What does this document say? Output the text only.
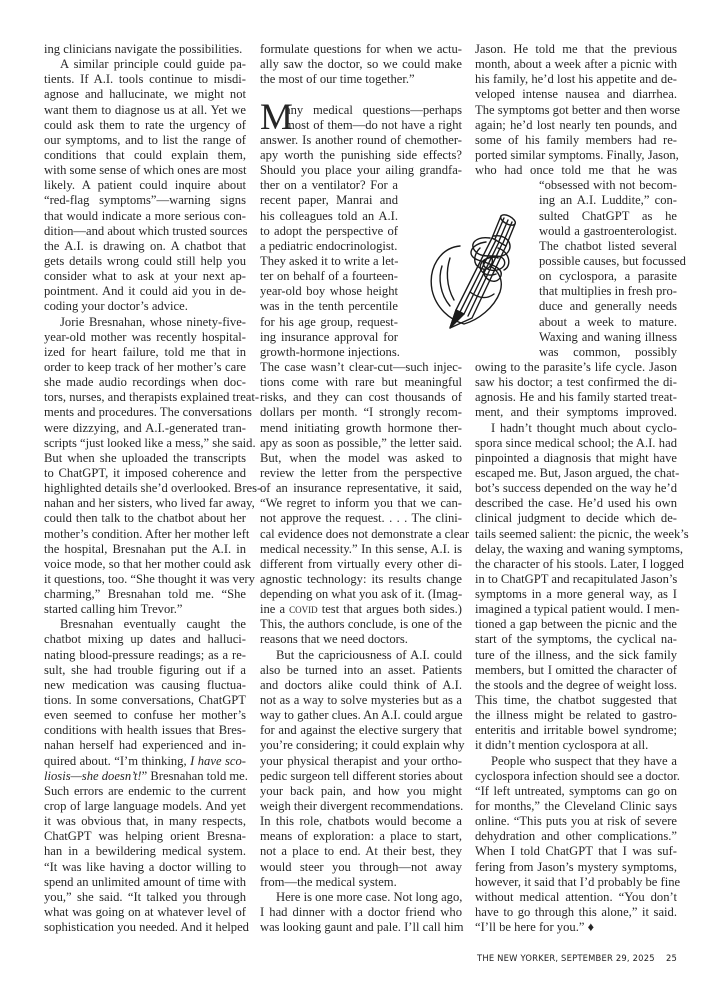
ing clinicians navigate the possibilities.
A similar principle could guide pa-
tients. If A.I. tools continue to misdi-
agnose and hallucinate, we might not
want them to diagnose us at all. Yet we
could ask them to rate the urgency of
our symptoms, and to list the range of
conditions that could explain them,
with some sense of which ones are most
likely. A patient could inquire about
“red-flag symptoms”—warning signs
that would indicate a more serious con-
dition—and about which trusted sources
the A.I. is drawing on. A chatbot that
gets details wrong could still help you
consider what to ask at your next ap-
pointment. And it could aid you in de-
coding your doctor’s advice.
Jorie Bresnahan, whose ninety-five-
year-old mother was recently hospital-
ized for heart failure, told me that in
order to keep track of her mother’s care
she made audio recordings when doc-
tors, nurses, and therapists explained treat-
ments and procedures. The conversations
were dizzying, and A.I.-generated tran-
scripts “just looked like a mess,” she said.
But when she uploaded the transcripts
to ChatGPT, it imposed coherence and
highlighted details she’d overlooked. Bres-
nahan and her sisters, who lived far away,
could then talk to the chatbot about her
mother’s condition. After her mother left
the hospital, Bresnahan put the A.I. in
voice mode, so that her mother could ask
it questions, too. “She thought it was very
charming,” Bresnahan told me. “She
started calling him Trevor.”
Bresnahan eventually caught the
chatbot mixing up dates and halluci-
nating blood-pressure readings; as a re-
sult, she had trouble figuring out if a
new medication was causing fluctua-
tions. In some conversations, ChatGPT
even seemed to confuse her mother’s
conditions with health issues that Bres-
nahan herself had experienced and in-
quired about. “I’m thinking, I have sco-
liosis—she doesn’t!” Bresnahan told me.
Such errors are endemic to the current
crop of large language models. And yet
it was obvious that, in many respects,
ChatGPT was helping orient Bresna-
han in a bewildering medical system.
“It was like having a doctor willing to
spend an unlimited amount of time with
you,” she said. “It talked you through
what was going on at whatever level of
sophistication you needed. And it helped
formulate questions for when we actu-
ally saw the doctor, so we could make
the most of our time together.”
M
any medical questions—perhaps
most of them—do not have a right
answer. Is another round of chemother-
apy worth the punishing side effects?
Should you place your ailing grandfa-
ther on a ventilator? For a
recent paper, Manrai and
his colleagues told an A.I.
to adopt the perspective of
a pediatric endocrinologist.
They asked it to write a let-
ter on behalf of a fourteen-
year-old boy whose height
was in the tenth percentile
for his age group, request-
ing insurance approval for
growth-hormone injections.
The case wasn’t clear-cut—such injec-
tions come with rare but meaningful
risks, and they can cost thousands of
dollars per month. “I strongly recom-
mend initiating growth hormone ther-
apy as soon as possible,” the letter said.
But, when the model was asked to
review the letter from the perspective
of an insurance representative, it said,
“We regret to inform you that we can-
not approve the request. . . . The clini-
cal evidence does not demonstrate a clear
medical necessity.” In this sense, A.I. is
different from virtually every other di-
agnostic technology: its results change
depending on what you ask of it. (Imag-
ine a covid test that argues both sides.)
This, the authors conclude, is one of the
reasons that we need doctors.
But the capriciousness of A.I. could
also be turned into an asset. Patients
and doctors alike could think of A.I.
not as a way to solve mysteries but as a
way to gather clues. An A.I. could argue
for and against the elective surgery that
you’re considering; it could explain why
your physical therapist and your ortho-
pedic surgeon tell different stories about
your back pain, and how you might
weigh their divergent recommendations.
In this role, chatbots would become a
means of exploration: a place to start,
not a place to end. At their best, they
would steer you through—not away
from—the medical system.
Here is one more case. Not long ago,
I had dinner with a doctor friend who
was looking gaunt and pale. I’ll call him
Jason. He told me that the previous
month, about a week after a picnic with
his family, he’d lost his appetite and de-
veloped intense nausea and diarrhea.
The symptoms got better and then worse
again; he’d lost nearly ten pounds, and
some of his family members had re-
ported similar symptoms. Finally, Jason,
who had once told me that he was
“obsessed with not becom-
ing an A.I. Luddite,” con-
sulted ChatGPT as he
would a gastroenterologist.
The chatbot listed several
possible causes, but focussed
on cyclospora, a parasite
that multiplies in fresh pro-
duce and generally needs
about a week to mature.
Waxing and waning illness
was common, possibly
owing to the parasite’s life cycle. Jason
saw his doctor; a test confirmed the di-
agnosis. He and his family started treat-
ment, and their symptoms improved.
I hadn’t thought much about cyclo-
spora since medical school; the A.I. had
pinpointed a diagnosis that might have
escaped me. But, Jason argued, the chat-
bot’s success depended on the way he’d
described the case. He’d used his own
clinical judgment to decide which de-
tails seemed salient: the picnic, the week’s
delay, the waxing and waning symptoms,
the character of his stools. Later, I logged
in to ChatGPT and recapitulated Jason’s
symptoms in a more general way, as I
imagined a typical patient would. I men-
tioned a gap between the picnic and the
start of the symptoms, the cyclical na-
ture of the illness, and the sick family
members, but I omitted the character of
the stools and the degree of weight loss.
This time, the chatbot suggested that
the illness might be related to gastro-
enteritis and irritable bowel syndrome;
it didn’t mention cyclospora at all.
People who suspect that they have a
cyclospora infection should see a doctor.
“If left untreated, symptoms can go on
for months,” the Cleveland Clinic says
online. “This puts you at risk of severe
dehydration and other complications.”
When I told ChatGPT that I was suf-
fering from Jason’s mystery symptoms,
however, it said that I’d probably be fine
without medical attention. “You don’t
have to go through this alone,” it said.
“I’ll be here for you.” ♦
THE NEW YORKER, SEPTEMBER 29, 2025 25
